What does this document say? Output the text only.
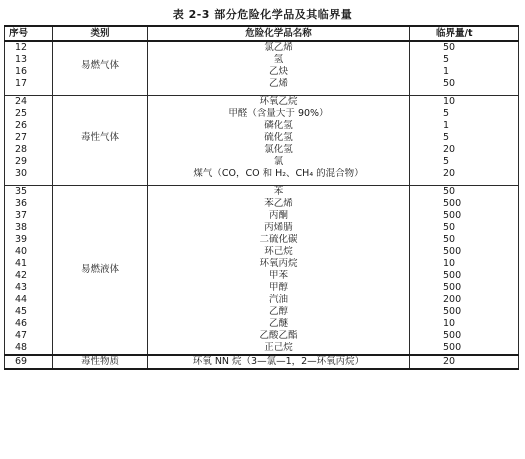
表 2-3 部分危险化学品及其临界量
序号	类别	危险化学品名称	临界量/t
12	易燃气体	氯乙烯	50
13		氢	5
16		乙炔	1
17		乙烯	50

24	毒性气体	环氧乙烷	10
25		甲醛（含量大于 90%）	5
26		磷化氢	1
27		硫化氢	5
28		氯化氢	20
29		氯	5
30		煤气（CO，CO 和 H₂、CH₄ 的混合物）	20

35	易燃液体	苯	50
36		苯乙烯	500
37		丙酮	500
38		丙烯腈	50
39		二硫化碳	50
40		环己烷	500
41		环氧丙烷	10
42		甲苯	500
43		甲醇	500
44		汽油	200
45		乙醇	500
46		乙醚	10
47		乙酸乙酯	500
48		正己烷	500
69	毒性物质	环氧 NN 烷（3—氯—1，2—环氧丙烷）	20
